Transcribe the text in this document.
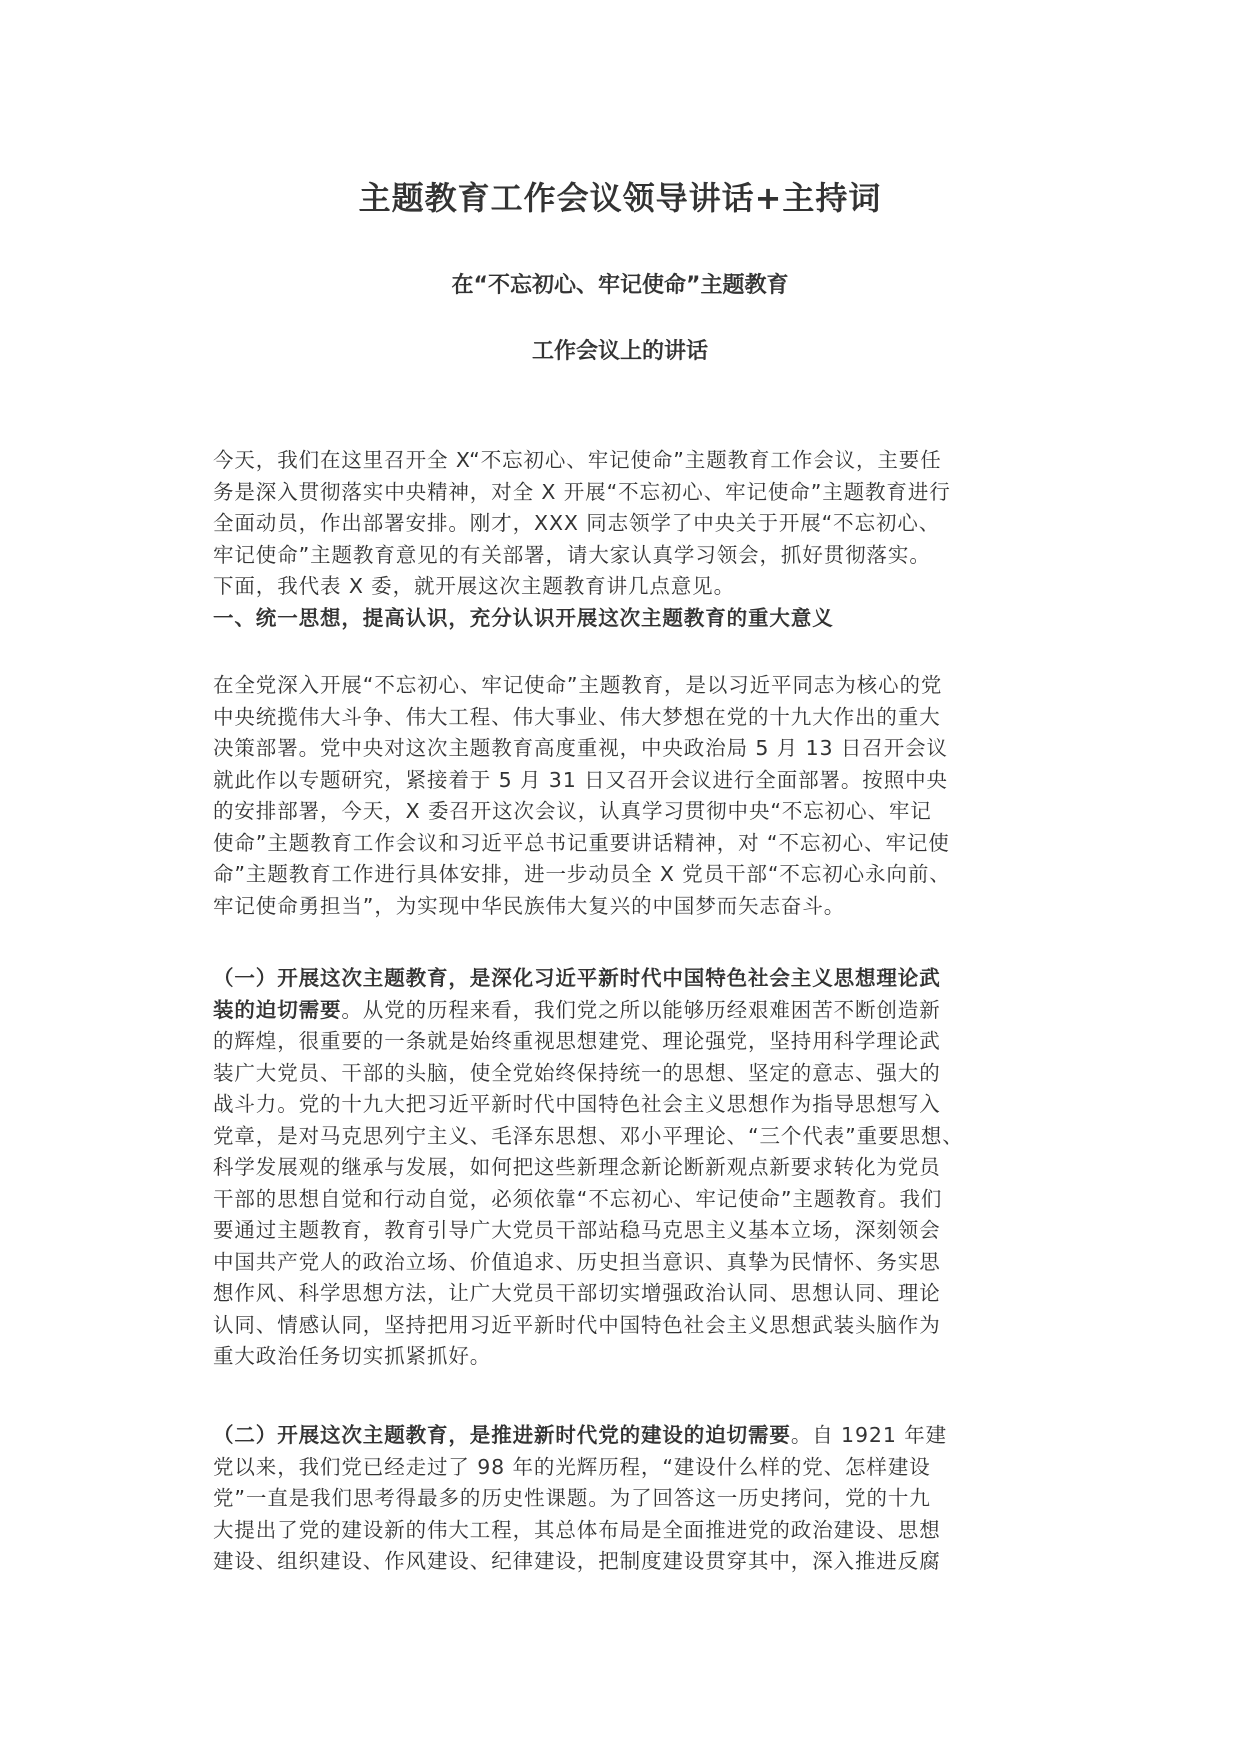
主题教育工作会议领导讲话+主持词
在“不忘初心、牢记使命”主题教育
工作会议上的讲话
今天，我们在这里召开全 X“不忘初心、牢记使命”主题教育工作会议，主要任
务是深入贯彻落实中央精神，对全 X 开展“不忘初心、牢记使命”主题教育进行
全面动员，作出部署安排。刚才，XXX 同志领学了中央关于开展“不忘初心、
牢记使命”主题教育意见的有关部署，请大家认真学习领会，抓好贯彻落实。
下面，我代表 X 委，就开展这次主题教育讲几点意见。
一、统一思想，提高认识，充分认识开展这次主题教育的重大意义
在全党深入开展“不忘初心、牢记使命”主题教育，是以习近平同志为核心的党
中央统揽伟大斗争、伟大工程、伟大事业、伟大梦想在党的十九大作出的重大
决策部署。党中央对这次主题教育高度重视，中央政治局 5 月 13 日召开会议
就此作以专题研究，紧接着于 5 月 31 日又召开会议进行全面部署。按照中央
的安排部署，今天，X 委召开这次会议，认真学习贯彻中央“不忘初心、牢记
使命”主题教育工作会议和习近平总书记重要讲话精神，对 “不忘初心、牢记使
命”主题教育工作进行具体安排，进一步动员全 X 党员干部“不忘初心永向前、
牢记使命勇担当”，为实现中华民族伟大复兴的中国梦而矢志奋斗。
（一）开展这次主题教育，是深化习近平新时代中国特色社会主义思想理论武
装的迫切需要。从党的历程来看，我们党之所以能够历经艰难困苦不断创造新
的辉煌，很重要的一条就是始终重视思想建党、理论强党，坚持用科学理论武
装广大党员、干部的头脑，使全党始终保持统一的思想、坚定的意志、强大的
战斗力。党的十九大把习近平新时代中国特色社会主义思想作为指导思想写入
党章，是对马克思列宁主义、毛泽东思想、邓小平理论、“三个代表”重要思想、
科学发展观的继承与发展，如何把这些新理念新论断新观点新要求转化为党员
干部的思想自觉和行动自觉，必须依靠“不忘初心、牢记使命”主题教育。我们
要通过主题教育，教育引导广大党员干部站稳马克思主义基本立场，深刻领会
中国共产党人的政治立场、价值追求、历史担当意识、真挚为民情怀、务实思
想作风、科学思想方法，让广大党员干部切实增强政治认同、思想认同、理论
认同、情感认同，坚持把用习近平新时代中国特色社会主义思想武装头脑作为
重大政治任务切实抓紧抓好。
（二）开展这次主题教育，是推进新时代党的建设的迫切需要。自 1921 年建
党以来，我们党已经走过了 98 年的光辉历程，“建设什么样的党、怎样建设
党”一直是我们思考得最多的历史性课题。为了回答这一历史拷问，党的十九
大提出了党的建设新的伟大工程，其总体布局是全面推进党的政治建设、思想
建设、组织建设、作风建设、纪律建设，把制度建设贯穿其中，深入推进反腐
